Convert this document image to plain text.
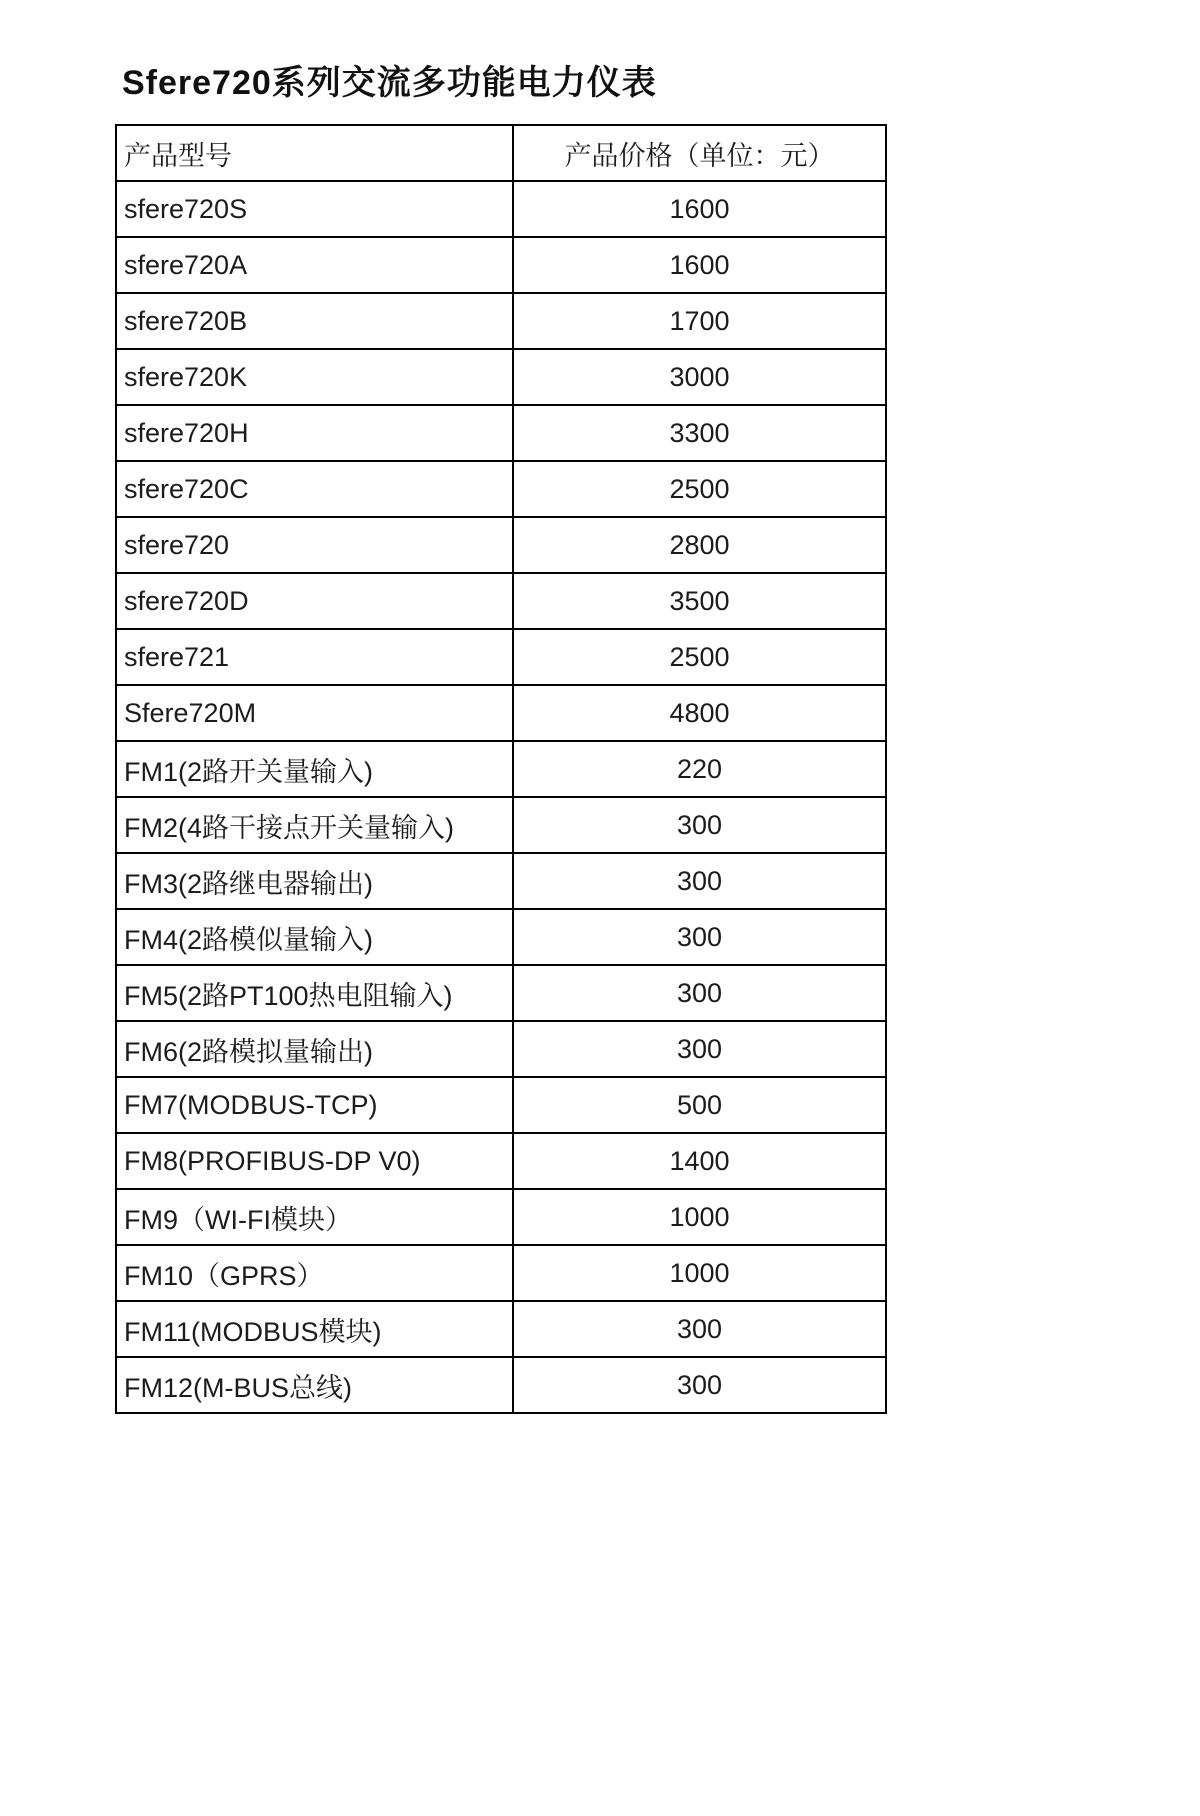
Sfere720系列交流多功能电力仪表
产品型号	产品价格（单位：元）
sfere720S	1600
sfere720A	1600
sfere720B	1700
sfere720K	3000
sfere720H	3300
sfere720C	2500
sfere720	2800
sfere720D	3500
sfere721	2500
Sfere720M	4800
FM1(2路开关量输入)	220
FM2(4路干接点开关量输入)	300
FM3(2路继电器输出)	300
FM4(2路模似量输入)	300
FM5(2路PT100热电阻输入)	300
FM6(2路模拟量输出)	300
FM7(MODBUS-TCP)	500
FM8(PROFIBUS-DP V0)	1400
FM9（WI-FI模块）	1000
FM10（GPRS）	1000
FM11(MODBUS模块)	300
FM12(M-BUS总线)	300
